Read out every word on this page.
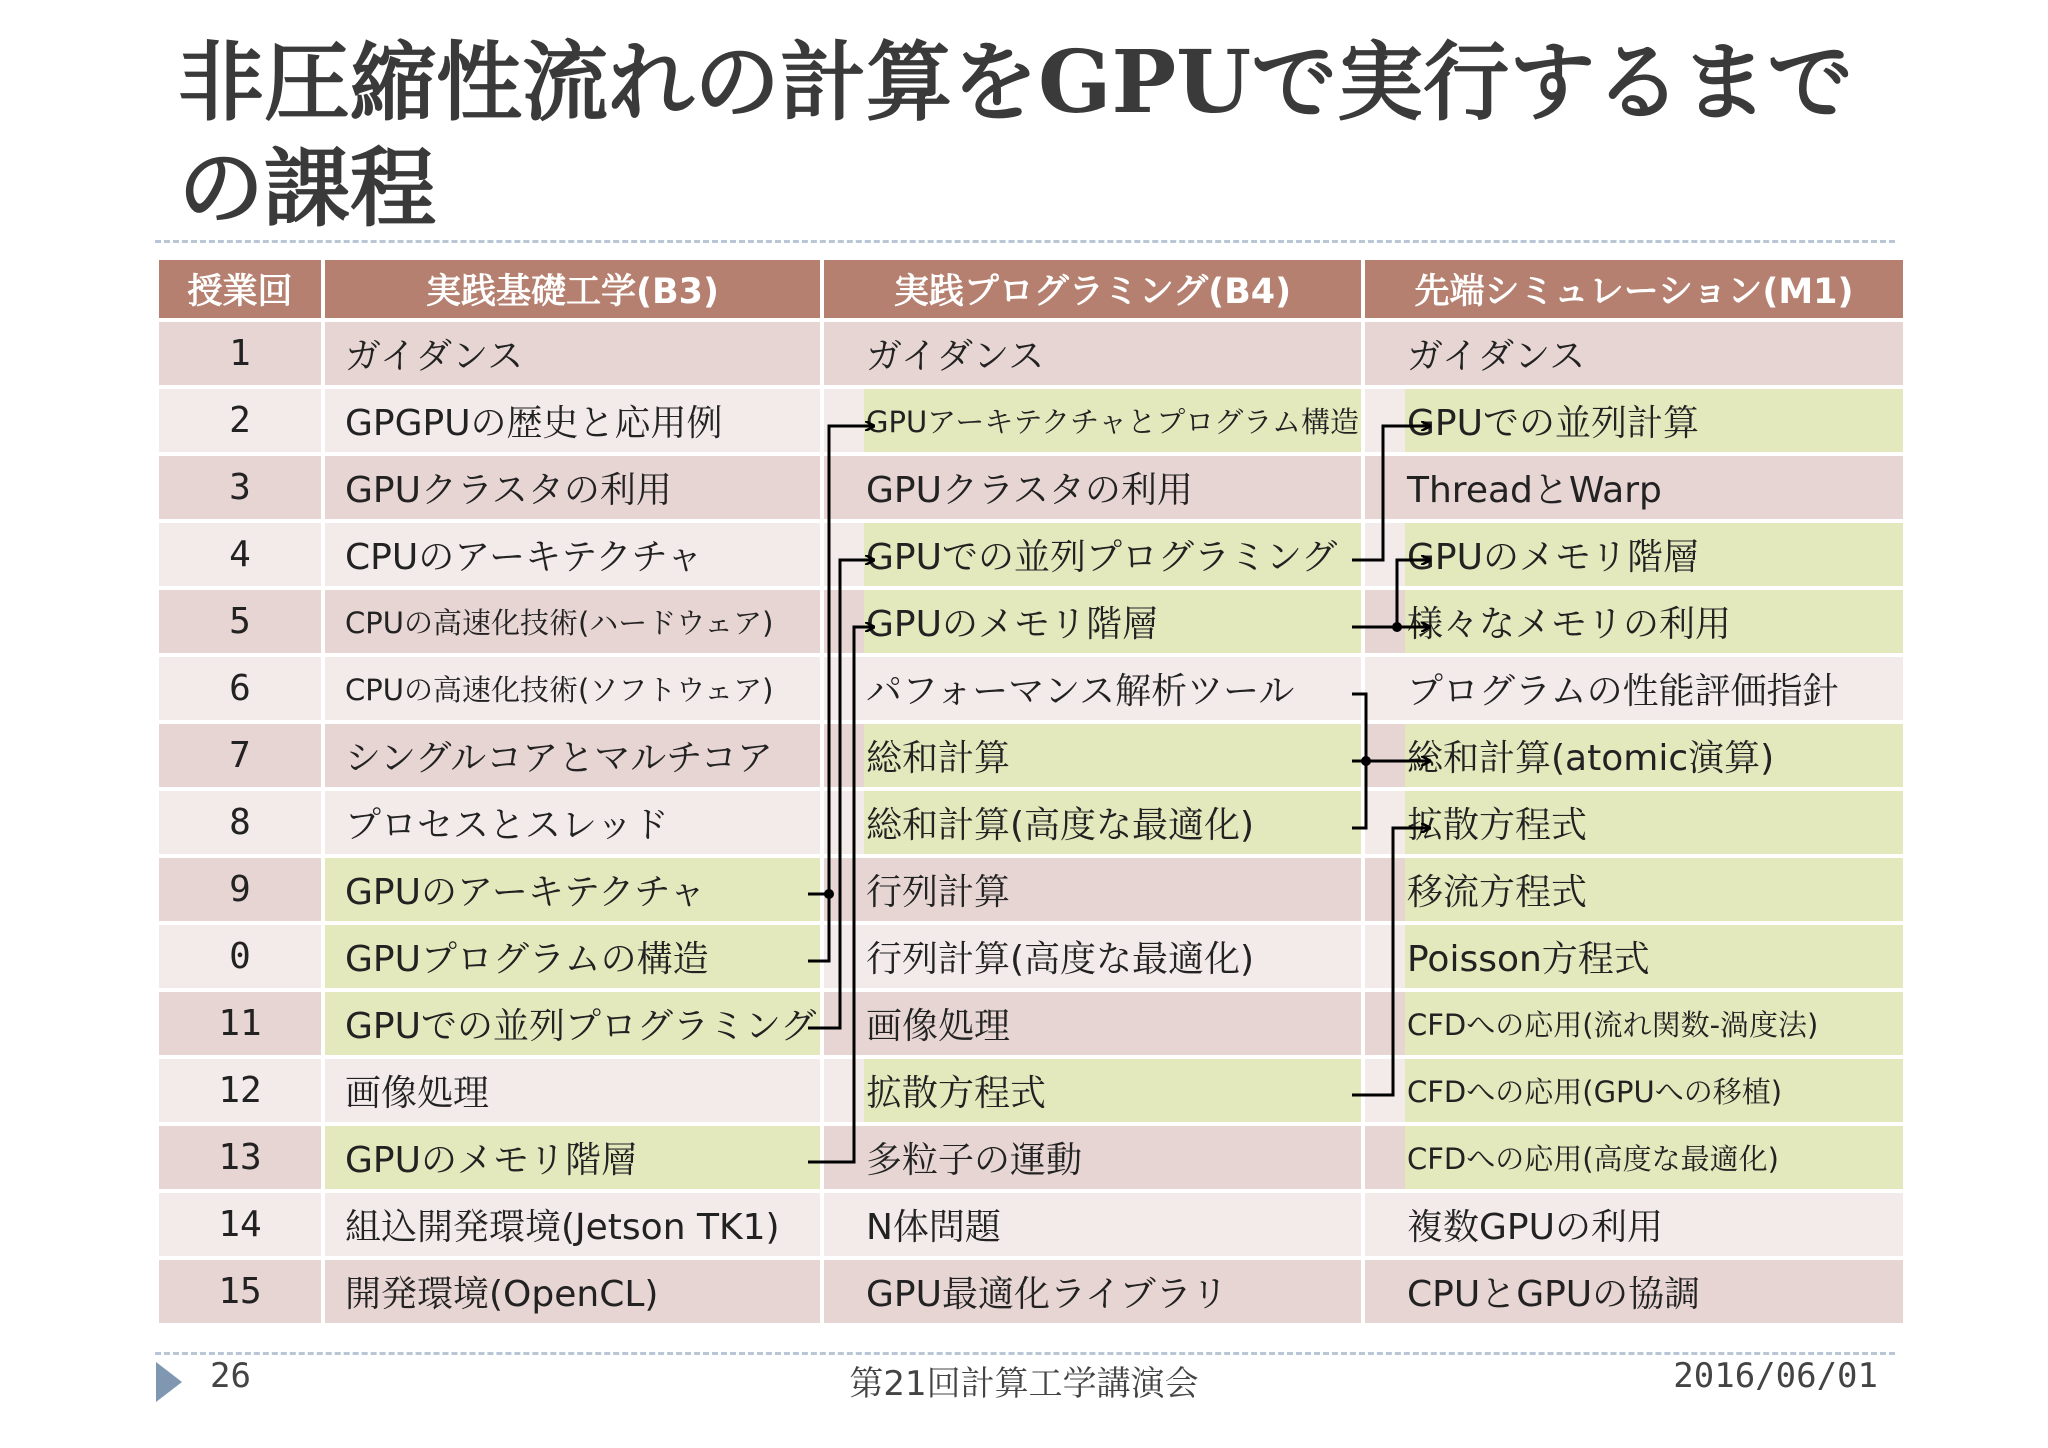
非圧縮性流れの計算をGPUで実行するまでの課程
授業回	実践基礎工学(B3)	実践プログラミング(B4)	先端シミュレーション(M1)
1	ガイダンス	ガイダンス	ガイダンス
2	GPGPUの歴史と応用例	GPUアーキテクチャとプログラム構造	GPUでの並列計算
3	GPUクラスタの利用	GPUクラスタの利用	ThreadとWarp
4	CPUのアーキテクチャ	GPUでの並列プログラミング	GPUのメモリ階層
5	CPUの高速化技術(ハードウェア)	GPUのメモリ階層	様々なメモリの利用
6	CPUの高速化技術(ソフトウェア)	パフォーマンス解析ツール	プログラムの性能評価指針
7	シングルコアとマルチコア	総和計算	総和計算(atomic演算)
8	プロセスとスレッド	総和計算(高度な最適化)	拡散方程式
9	GPUのアーキテクチャ	行列計算	移流方程式
0	GPUプログラムの構造	行列計算(高度な最適化)	Poisson方程式
11	GPUでの並列プログラミング	画像処理	CFDへの応用(流れ関数-渦度法)
12	画像処理	拡散方程式	CFDへの応用(GPUへの移植)
13	GPUのメモリ階層	多粒子の運動	CFDへの応用(高度な最適化)
14	組込開発環境(Jetson TK1)	N体問題	複数GPUの利用
15	開発環境(OpenCL)	GPU最適化ライブラリ	CPUとGPUの協調
26	第21回計算工学講演会	2016/06/01
